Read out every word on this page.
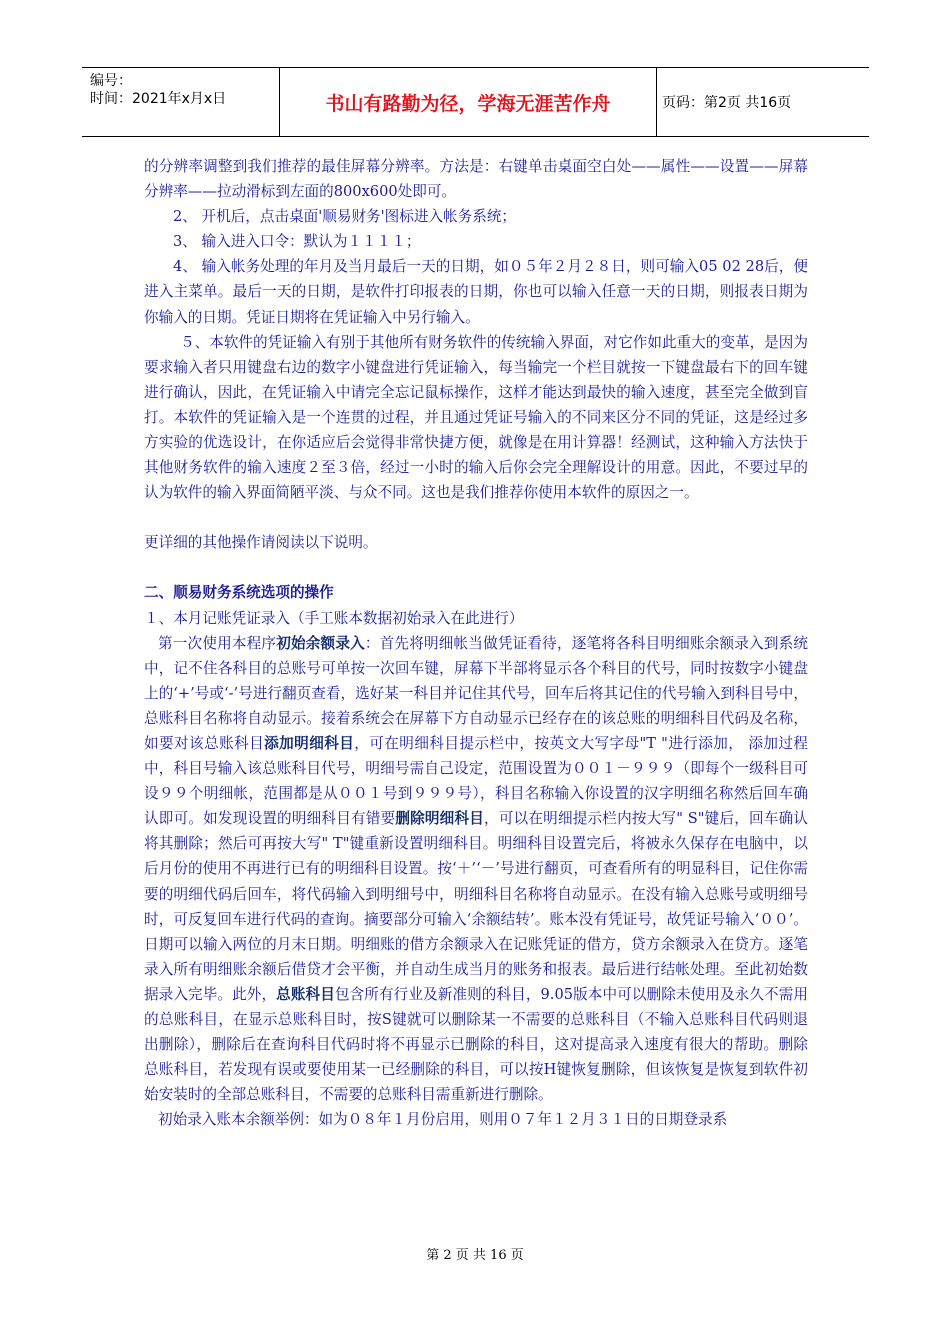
编号：
时间：2021年x月x日	书山有路勤为径，学海无涯苦作舟	页码：第2页 共16页

的分辨率调整到我们推荐的最佳屏幕分辨率。方法是：右键单击桌面空白处——属性——设置——屏幕分辨率——拉动滑标到左面的800x600处即可。

2、 开机后，点击桌面'顺易财务'图标进入帐务系统；

3、 输入进入口令：默认为１１１１；

4、 输入帐务处理的年月及当月最后一天的日期，如０５年２月２８日，则可输入05 02 28后，便进入主菜单。最后一天的日期，是软件打印报表的日期，你也可以输入任意一天的日期，则报表日期为你输入的日期。凭证日期将在凭证输入中另行输入。

５、本软件的凭证输入有别于其他所有财务软件的传统输入界面，对它作如此重大的变革，是因为要求输入者只用键盘右边的数字小键盘进行凭证输入，每当输完一个栏目就按一下键盘最右下的回车键进行确认，因此，在凭证输入中请完全忘记鼠标操作，这样才能达到最快的输入速度，甚至完全做到盲打。本软件的凭证输入是一个连贯的过程，并且通过凭证号输入的不同来区分不同的凭证，这是经过多方实验的优选设计，在你适应后会觉得非常快捷方便，就像是在用计算器！经测试，这种输入方法快于其他财务软件的输入速度２至３倍，经过一小时的输入后你会完全理解设计的用意。因此，不要过早的认为软件的输入界面简陋平淡、与众不同。这也是我们推荐你使用本软件的原因之一。

更详细的其他操作请阅读以下说明。

二、顺易财务系统选项的操作

１、本月记账凭证录入（手工账本数据初始录入在此进行）

第一次使用本程序初始余额录入：首先将明细帐当做凭证看待，逐笔将各科目明细账余额录入到系统中，记不住各科目的总账号可单按一次回车键，屏幕下半部将显示各个科目的代号，同时按数字小键盘上的‘+’号或‘-’号进行翻页查看，选好某一科目并记住其代号，回车后将其记住的代号输入到科目号中，总账科目名称将自动显示。接着系统会在屏幕下方自动显示已经存在的该总账的明细科目代码及名称，如要对该总账科目添加明细科目，可在明细科目提示栏中，按英文大写字母"T "进行添加， 添加过程中，科目号输入该总账科目代号，明细号需自己设定，范围设置为００１－９９９（即每个一级科目可设９９个明细帐，范围都是从００１号到９９９号），科目名称输入你设置的汉字明细名称然后回车确认即可。如发现设置的明细科目有错要删除明细科目，可以在明细提示栏内按大写" S"键后，回车确认将其删除；然后可再按大写" T"键重新设置明细科目。明细科目设置完后，将被永久保存在电脑中，以后月份的使用不再进行已有的明细科目设置。按‘＋’‘－’号进行翻页，可查看所有的明显科目，记住你需要的明细代码后回车，将代码输入到明细号中，明细科目名称将自动显示。在没有输入总账号或明细号时，可反复回车进行代码的查询。摘要部分可输入‘余额结转’。账本没有凭证号，故凭证号输入‘００’。日期可以输入两位的月末日期。明细账的借方余额录入在记账凭证的借方，贷方余额录入在贷方。逐笔录入所有明细账余额后借贷才会平衡，并自动生成当月的账务和报表。最后进行结帐处理。至此初始数据录入完毕。此外，总账科目包含所有行业及新准则的科目，9.05版本中可以删除未使用及永久不需用的总账科目，在显示总账科目时，按S键就可以删除某一不需要的总账科目（不输入总账科目代码则退出删除），删除后在查询科目代码时将不再显示已删除的科目，这对提高录入速度有很大的帮助。删除总账科目，若发现有误或要使用某一已经删除的科目，可以按H键恢复删除，但该恢复是恢复到软件初始安装时的全部总账科目，不需要的总账科目需重新进行删除。

初始录入账本余额举例：如为０８年１月份启用，则用０７年１２月３１日的日期登录系

第 2 页 共 16 页
